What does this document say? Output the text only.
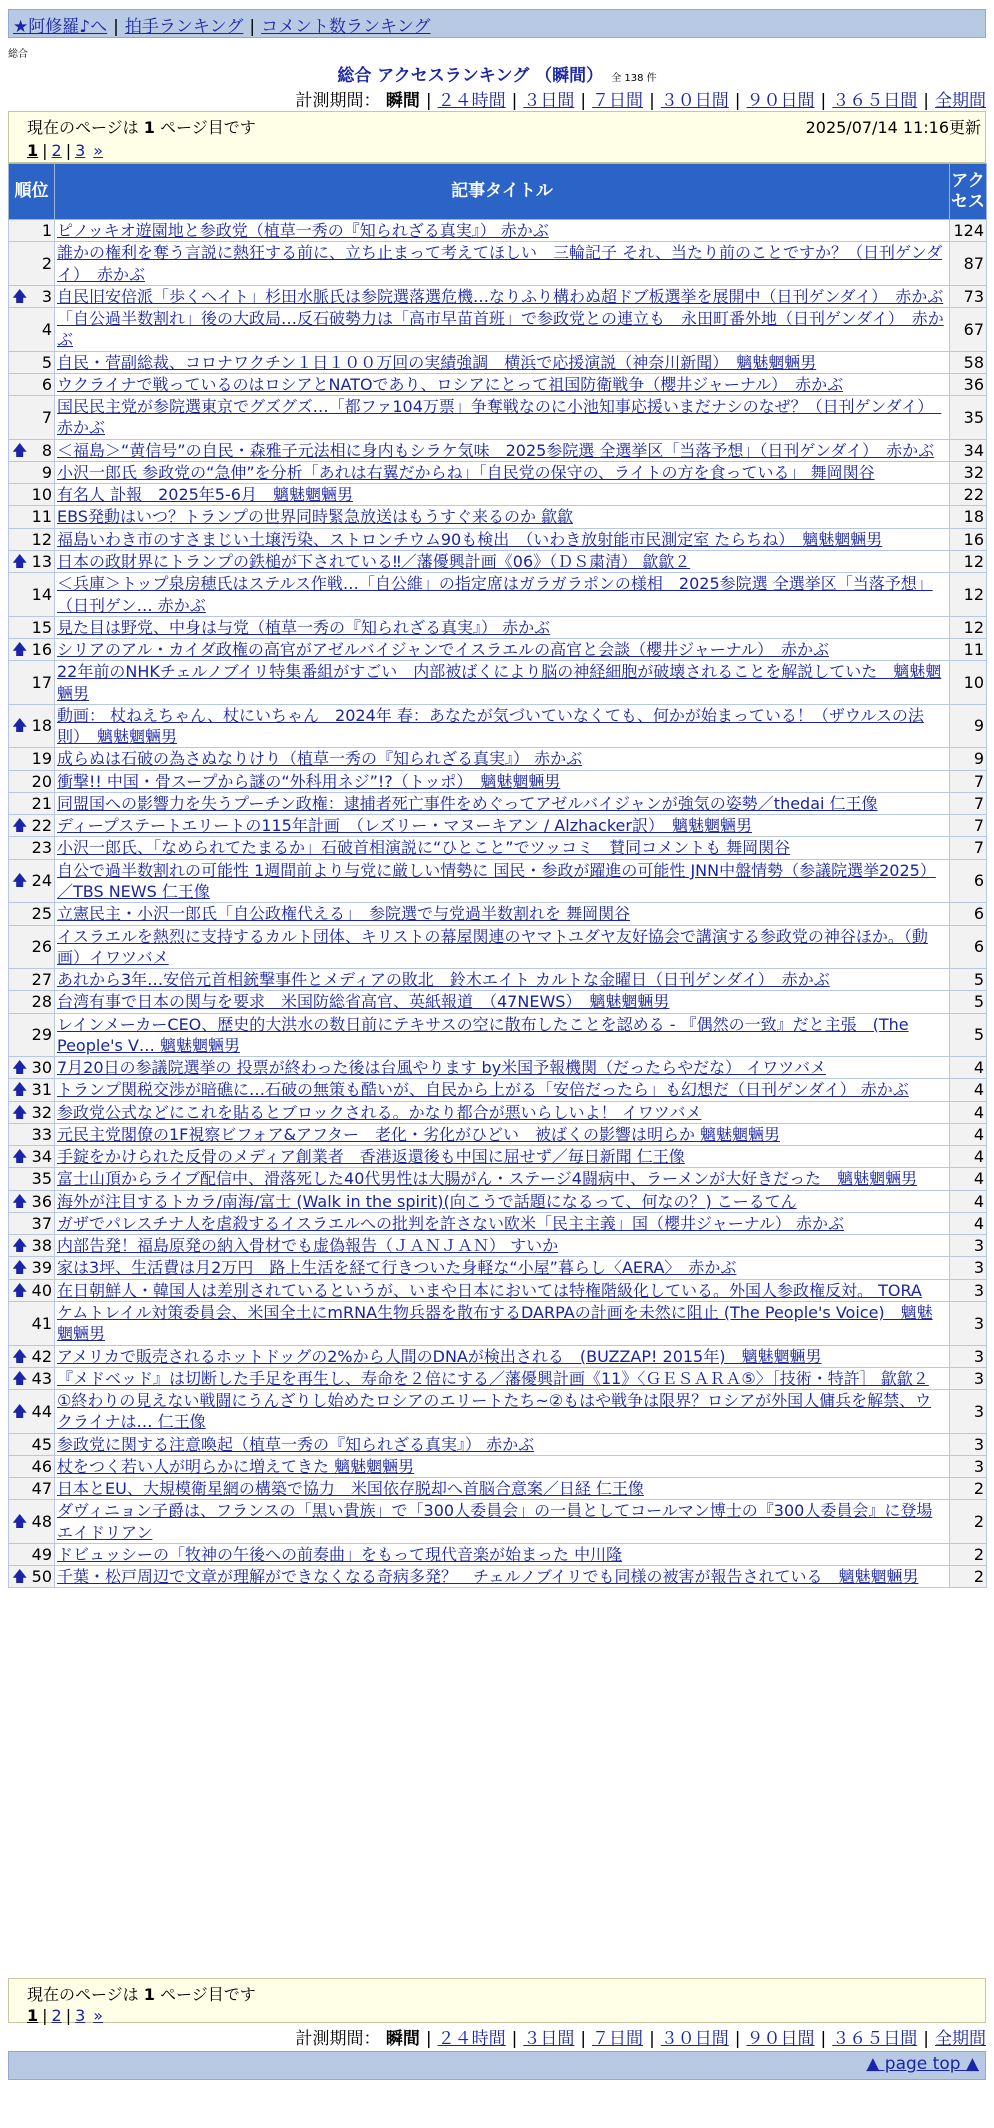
★阿修羅♪へ | 拍手ランキング | コメント数ランキング
総合
総合 アクセスランキング （瞬間） 全 138 件
計測期間： 瞬間 | ２４時間 | ３日間 | ７日間 | ３０日間 | ９０日間 | ３６５日間 | 全期間
現在のページは 1 ページ目です	2025/07/14 11:16更新
1 | 2 | 3 »
順位	記事タイトル	アクセス
1	ピノッキオ遊園地と参政党（植草一秀の『知られざる真実』） 赤かぶ	124
2	誰かの権利を奪う言説に熱狂する前に、立ち止まって考えてほしい　三輪記子 それ、当たり前のことですか？（日刊ゲンダイ）　赤かぶ	87

🡅 3	自民旧安倍派「歩くヘイト」杉田水脈氏は参院選落選危機…なりふり構わぬ超ドブ板選挙を展開中（日刊ゲンダイ）　赤かぶ	73
4	「自公過半数割れ」後の大政局…反石破勢力は「高市早苗首班」で参政党との連立も　永田町番外地（日刊ゲンダイ）　赤かぶ	67
5	自民・菅副総裁、コロナワクチン１日１００万回の実績強調　横浜で応援演説（神奈川新聞）　魑魅魍魎男	58
6	ウクライナで戦っているのはロシアとNATOであり、ロシアにとって祖国防衛戦争（櫻井ジャーナル）　赤かぶ	36
7	国民民主党が参院選東京でグズグズ…「都ファ104万票」争奪戦なのに小池知事応援いまだナシのなぜ？（日刊ゲンダイ）　赤かぶ	35

🡅 8	＜福島＞“黄信号”の自民・森雅子元法相に身内もシラケ気味　2025参院選 全選挙区「当落予想」（日刊ゲンダイ）　赤かぶ	34
9	小沢一郎氏 参政党の“急伸”を分析「あれは右翼だからね」「自民党の保守の、ライトの方を食っている」 舞岡関谷	32
10	有名人 訃報　2025年5-6月　魑魅魍魎男	22
11	EBS発動はいつ？トランプの世界同時緊急放送はもうすぐ来るのか 歙歙	18
12	福島いわき市のすさまじい土壌汚染、ストロンチウム90も検出　（いわき放射能市民測定室 たらちね）　魑魅魍魎男	16

🡅 13	日本の政財界にトランプの鉄槌が下されている‼／藩優興計画《06》（ＤＳ粛清） 歙歙２	12
14	＜兵庫＞トップ泉房穂氏はステルス作戦…「自公維」の指定席はガラガラポンの様相　2025参院選 全選挙区「当落予想」（日刊ゲン… 赤かぶ	12
15	見た目は野党、中身は与党（植草一秀の『知られざる真実』） 赤かぶ	12

🡅 16	シリアのアル・カイダ政権の高官がアゼルバイジャンでイスラエルの高官と会談（櫻井ジャーナル）　赤かぶ	11
17	22年前のNHKチェルノブイリ特集番組がすごい　内部被ばくにより脳の神経細胞が破壊されることを解説していた　魑魅魍魎男	10

🡅 18	動画： 杖ねえちゃん、杖にいちゃん　2024年 春：あなたが気づいていなくても、何かが始まっている！（ザウルスの法則）　魑魅魍魎男	9
19	成らぬは石破の為さぬなりけり（植草一秀の『知られざる真実』） 赤かぶ	9
20	衝撃!! 中国・骨スープから謎の“外科用ネジ”!?（トッポ）　魑魅魍魎男	7
21	同盟国への影響力を失うプーチン政権：逮捕者死亡事件をめぐってアゼルバイジャンが強気の姿勢／thedai 仁王像	7

🡅 22	ディープステートエリートの115年計画　（レズリー・マヌーキアン / Alzhacker訳）　魑魅魍魎男	7
23	小沢一郎氏、「なめられてたまるか」石破首相演説に“ひとこと”でツッコミ　賛同コメントも 舞岡関谷	7

🡅 24	自公で過半数割れの可能性 1週間前より与党に厳しい情勢に 国民・参政が躍進の可能性 JNN中盤情勢（参議院選挙2025）／TBS NEWS 仁王像	6
25	立憲民主・小沢一郎氏「自公政権代える」　参院選で与党過半数割れを 舞岡関谷	6
26	イスラエルを熱烈に支持するカルト団体、キリストの幕屋関連のヤマトユダヤ友好協会で講演する参政党の神谷ほか。（動画）イワツバメ	6
27	あれから3年…安倍元首相銃撃事件とメディアの敗北　鈴木エイト カルトな金曜日（日刊ゲンダイ）　赤かぶ	5
28	台湾有事で日本の関与を要求　米国防総省高官、英紙報道　（47NEWS）　魑魅魍魎男	5
29	レインメーカーCEO、歴史的大洪水の数日前にテキサスの空に散布したことを認める - 『偶然の一致』だと主張　(The People's V… 魑魅魍魎男	5

🡅 30	7月20日の参議院選挙の 投票が終わった後は台風やります by米国予報機関（だったらやだな） イワツバメ	4

🡅 31	トランプ関税交渉が暗礁に…石破の無策も酷いが、自民から上がる「安倍だったら」も幻想だ（日刊ゲンダイ） 赤かぶ	4

🡅 32	参政党公式などにこれを貼るとブロックされる。かなり都合が悪いらしいよ！ イワツバメ	4
33	元民主党閣僚の1F視察ビフォア&アフター　老化・劣化がひどい　被ばくの影響は明らか 魑魅魍魎男	4

🡅 34	手錠をかけられた反骨のメディア創業者　香港返還後も中国に屈せず／毎日新聞 仁王像	4
35	富士山頂からライブ配信中、滑落死した40代男性は大腸がん・ステージ4闘病中、ラーメンが大好きだった　魑魅魍魎男	4

🡅 36	海外が注目するトカラ/南海/富士 (Walk in the spirit)(向こうで話題になるって、何なの？) こーるてん	4
37	ガザでパレスチナ人を虐殺するイスラエルへの批判を許さない欧米「民主主義」国（櫻井ジャーナル） 赤かぶ	4

🡅 38	内部告発！福島原発の納入骨材でも虚偽報告（ＪＡＮＪＡＮ） すいか	3

🡅 39	家は3坪、生活費は月2万円　路上生活を経て行きついた身軽な“小屋”暮らし〈AERA〉　赤かぶ	3

🡅 40	在日朝鮮人・韓国人は差別されているというが、いまや日本においては特権階級化している。外国人参政権反対。 TORA	3
41	ケムトレイル対策委員会、米国全土にmRNA生物兵器を散布するDARPAの計画を未然に阻止 (The People's Voice)　魑魅魍魎男	3

🡅 42	アメリカで販売されるホットドッグの2%から人間のDNAが検出される　(BUZZAP! 2015年)　魑魅魍魎男	3

🡅 43	『メドベッド』は切断した手足を再生し、寿命を２倍にする／藩優興計画《11》〈ＧＥＳＡＲＡ⑤〉［技術・特許］ 歙歙２	3

🡅 44	①終わりの見えない戦闘にうんざりし始めたロシアのエリートたち~②もはや戦争は限界？ロシアが外国人傭兵を解禁、ウクライナは… 仁王像	3
45	参政党に関する注意喚起（植草一秀の『知られざる真実』） 赤かぶ	3
46	杖をつく若い人が明らかに増えてきた 魑魅魍魎男	3
47	日本とEU、大規模衛星網の構築で協力　米国依存脱却へ首脳合意案／日経 仁王像	2

🡅 48	ダヴィニョン子爵は、フランスの「黒い貴族」で「300人委員会」の一員としてコールマン博士の『300人委員会』に登場 エイドリアン	2
49	ドビュッシーの「牧神の午後への前奏曲」をもって現代音楽が始まった 中川隆	2

🡅 50	千葉・松戸周辺で文章が理解ができなくなる奇病多発？　チェルノブイリでも同様の被害が報告されている　魑魅魍魎男	2
現在のページは 1 ページ目です
1 | 2 | 3 »
計測期間： 瞬間 | ２４時間 | ３日間 | ７日間 | ３０日間 | ９０日間 | ３６５日間 | 全期間
▲ page top ▲
